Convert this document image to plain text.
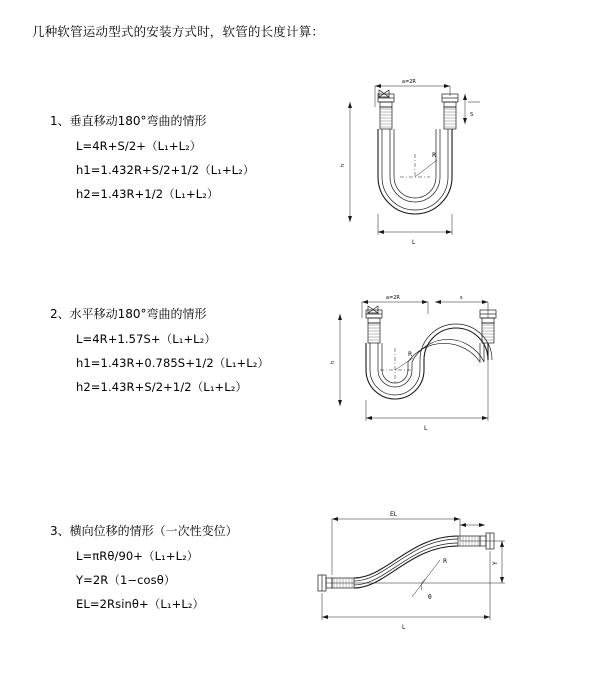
几种软管运动型式的安装方式时，软管的长度计算：
1、垂直移动180°弯曲的情形
L=4R+S/2+（L₁+L₂）
h1=1.432R+S/2+1/2（L₁+L₂）
h2=1.43R+1/2（L₁+L₂）
a=2R
h
R
L
S
2、水平移动180°弯曲的情形
L=4R+1.57S+（L₁+L₂）
h1=1.43R+0.785S+1/2（L₁+L₂）
h2=1.43R+S/2+1/2（L₁+L₂）
a=2R	s
h
R
L
3、横向位移的情形（一次性变位）
L=πRθ/90+（L₁+L₂）
Y=2R（1−cosθ）
EL=2Rsinθ+（L₁+L₂）
EL
Y
θ
R
L
